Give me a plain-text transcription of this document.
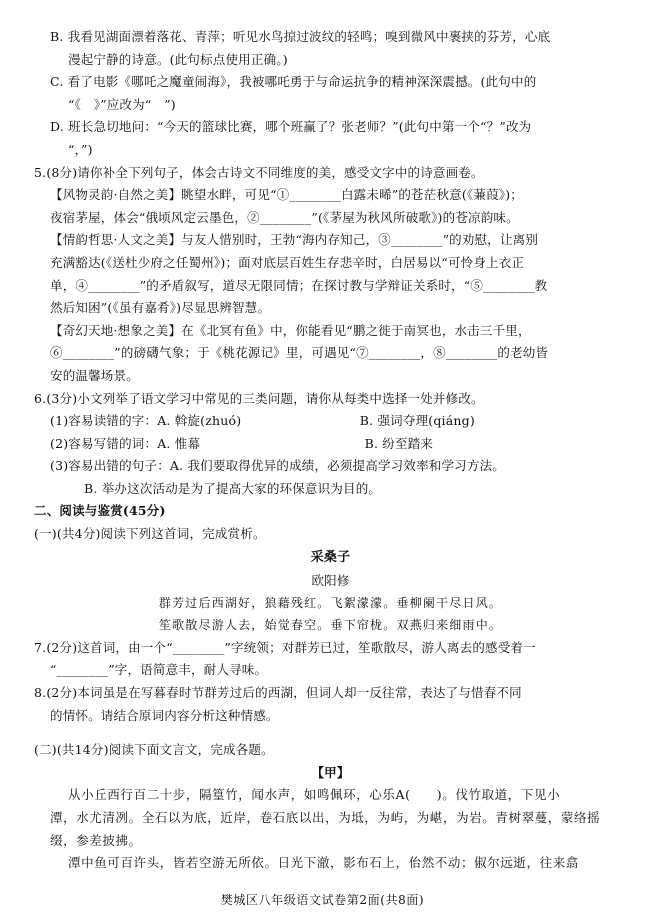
B. 我看见湖面漂着落花、青萍；听见水鸟掠过波纹的轻鸣；嗅到微风中裹挟的芬芳，心底
漫起宁静的诗意。(此句标点使用正确。)
C. 看了电影《哪吒之魔童闹海》，我被哪吒勇于与命运抗争的精神深深震撼。(此句中的
“《　》”应改为“　”)
D. 班长急切地问：“今天的篮球比赛，哪个班赢了？张老师？”(此句中第一个“？”改为
“，”)
5.(8分)请你补全下列句子，体会古诗文不同维度的美，感受文字中的诗意画卷。
【风物灵韵·自然之美】眺望水畔，可见“①________白露未晞”的苍茫秋意(《蒹葭》)；
夜宿茅屋，体会“俄顷风定云墨色，②________”(《茅屋为秋风所破歌》)的苍凉韵味。
【情韵哲思·人文之美】与友人惜别时，王勃“海内存知己，③________”的劝慰，让离别
充满豁达(《送杜少府之任蜀州》)；面对底层百姓生存悲辛时，白居易以“可怜身上衣正
单，④________”的矛盾叙写，道尽无限同情；在探讨教与学辩证关系时，“⑤________教
然后知困”(《虽有嘉肴》)尽显思辨智慧。
【奇幻天地·想象之美】在《北冥有鱼》中，你能看见“鹏之徙于南冥也，水击三千里，
⑥________”的磅礴气象；于《桃花源记》里，可遇见“⑦________，⑧________的老幼皆
安的温馨场景。
6.(3分)小文列举了语文学习中常见的三类问题，请你从每类中选择一处并修改。
(1)容易读错的字：A. 斡旋(zhuó)	B. 强词夺理(qiáng)
(2)容易写错的词：A. 惟幕	B. 纷至踏来
(3)容易出错的句子：A. 我们要取得优异的成绩，必须提高学习效率和学习方法。
B. 举办这次活动是为了提高大家的环保意识为目的。
二、阅读与鉴赏(45分)
(一)(共4分)阅读下列这首词，完成赏析。
采桑子
欧阳修
群芳过后西湖好，狼藉残红。飞絮濛濛。垂柳阑干尽日风。
笙歌散尽游人去，始觉春空。垂下帘栊。双燕归来细雨中。
7.(2分)这首词，由一个“________”字统领；对群芳已过，笙歌散尽，游人离去的感受着一
“________”字，语简意丰，耐人寻味。
8.(2分)本词虽是在写暮春时节群芳过后的西湖，但词人却一反往常，表达了与惜春不同
的情怀。请结合原词内容分析这种情感。
(二)(共14分)阅读下面文言文，完成各题。
【甲】
从小丘西行百二十步，隔篁竹，闻水声，如鸣佩环，心乐A(　　)。伐竹取道，下见小
潭，水尤清冽。全石以为底，近岸，卷石底以出，为坻，为屿，为嵁，为岩。青树翠蔓，蒙络摇
缀，参差披拂。
潭中鱼可百许头，皆若空游无所依。日光下澈，影布石上，佁然不动；俶尔远逝，往来翕
樊城区八年级语文试卷第2面(共8面)
